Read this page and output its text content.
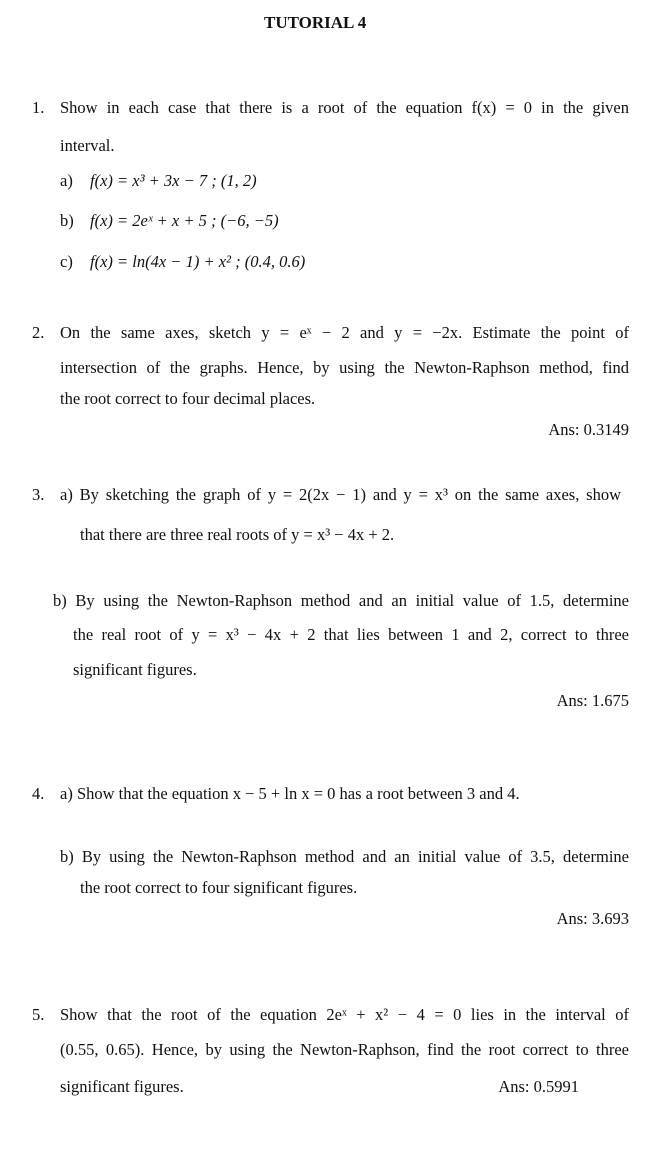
TUTORIAL 4
1. Show in each case that there is a root of the equation f(x) = 0 in the given
interval.
a) f(x) = x³ + 3x − 7 ; (1, 2)
b) f(x) = 2eˣ + x + 5 ; (−6, −5)
c) f(x) = ln(4x − 1) + x² ; (0.4, 0.6)
2. On the same axes, sketch y = eˣ − 2 and y = −2x. Estimate the point of
intersection of the graphs. Hence, by using the Newton-Raphson method, find
the root correct to four decimal places.
Ans: 0.3149
3. a) By sketching the graph of y = 2(2x − 1) and y = x³ on the same axes, show
that there are three real roots of y = x³ − 4x + 2.
b) By using the Newton-Raphson method and an initial value of 1.5, determine
the real root of y = x³ − 4x + 2 that lies between 1 and 2, correct to three
significant figures.
Ans: 1.675
4. a) Show that the equation x − 5 + ln x = 0 has a root between 3 and 4.
b) By using the Newton-Raphson method and an initial value of 3.5, determine
the root correct to four significant figures.
Ans: 3.693
5. Show that the root of the equation 2eˣ + x² − 4 = 0 lies in the interval of
(0.55, 0.65). Hence, by using the Newton-Raphson, find the root correct to three
significant figures.	Ans: 0.5991
